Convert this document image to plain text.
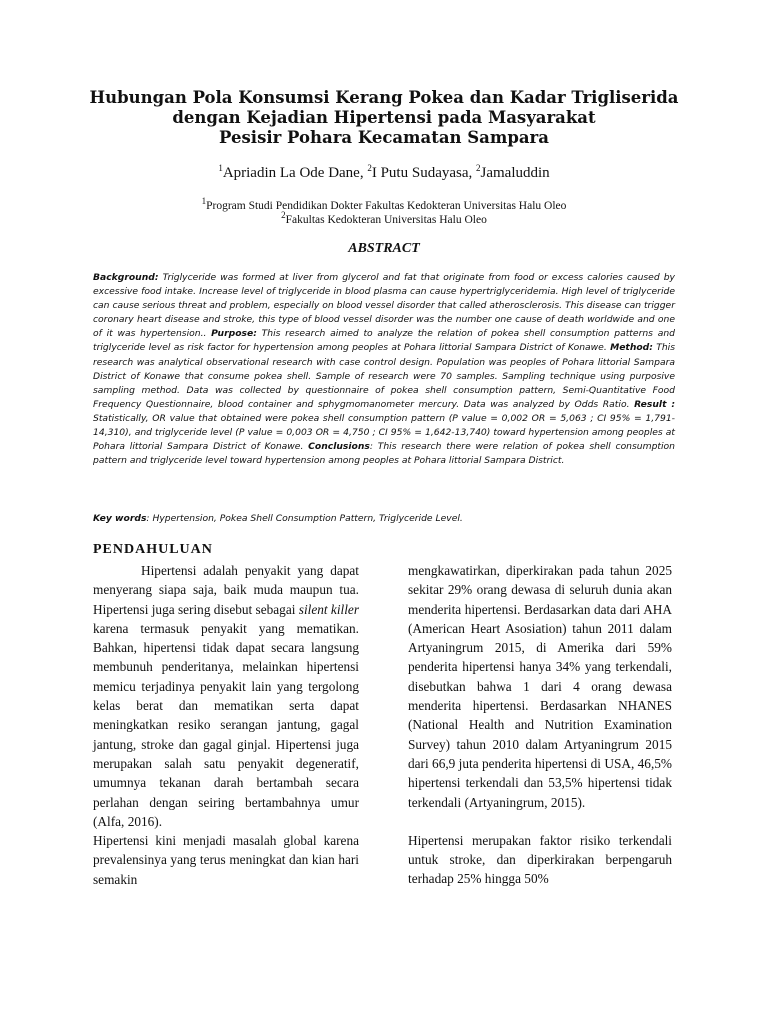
Hubungan Pola Konsumsi Kerang Pokea dan Kadar Trigliserida
dengan Kejadian Hipertensi pada Masyarakat
Pesisir Pohara Kecamatan Sampara

$^1$Apriadin La Ode Dane, $^2$I Putu Sudayasa, $^2$Jamaluddin

$^1$Program Studi Pendidikan Dokter Fakultas Kedokteran Universitas Halu Oleo

$^2$Fakultas Kedokteran Universitas Halu Oleo

ABSTRACT

Background: Triglyceride was formed at liver from glycerol and fat that originate from food or excess calories caused by excessive food intake. Increase level of triglyceride in blood plasma can cause hypertriglyceridemia. High level of triglyceride can cause serious threat and problem, especially on blood vessel disorder that called atherosclerosis. This disease can trigger coronary heart disease and stroke, this type of blood vessel disorder was the number one cause of death worldwide and one of it was hypertension.. Purpose: This research aimed to analyze the relation of pokea shell consumption patterns and triglyceride level as risk factor for hypertension among peoples at Pohara littorial Sampara District of Konawe. Method: This research was analytical observational research with case control design. Population was peoples of Pohara littorial Sampara District of Konawe that consume pokea shell. Sample of research were 70 samples. Sampling technique using purposive sampling method. Data was collected by questionnaire of pokea shell consumption pattern, Semi-Quantitative Food Frequency Questionnaire, blood container and sphygmomanometer mercury. Data was analyzed by Odds Ratio. Result : Statistically, OR value that obtained were pokea shell consumption pattern (P value = 0,002 OR = 5,063 ; CI 95% = 1,791-14,310), and triglyceride level (P value = 0,003 OR = 4,750 ; CI 95% = 1,642-13,740) toward hypertension among peoples at Pohara littorial Sampara District of Konawe. Conclusions: This research there were relation of pokea shell consumption pattern and triglyceride level toward hypertension among peoples at Pohara littorial Sampara District.

Key words: Hypertension, Pokea Shell Consumption Pattern, Triglyceride Level.

PENDAHULUAN

Hipertensi adalah penyakit yang dapat menyerang siapa saja, baik muda maupun tua. Hipertensi juga sering disebut sebagai silent killer karena termasuk penyakit yang mematikan. Bahkan, hipertensi tidak dapat secara langsung membunuh penderitanya, melainkan hipertensi memicu terjadinya penyakit lain yang tergolong kelas berat dan mematikan serta dapat meningkatkan resiko serangan jantung, gagal jantung, stroke dan gagal ginjal. Hipertensi juga merupakan salah satu penyakit degeneratif, umumnya tekanan darah bertambah secara perlahan dengan seiring bertambahnya umur (Alfa, 2016).

Hipertensi kini menjadi masalah global karena prevalensinya yang terus meningkat dan kian hari semakin

mengkawatirkan, diperkirakan pada tahun 2025 sekitar 29% orang dewasa di seluruh dunia akan menderita hipertensi. Berdasarkan data dari AHA (American Heart Asosiation) tahun 2011 dalam Artyaningrum 2015, di Amerika dari 59% penderita hipertensi hanya 34% yang terkendali, disebutkan bahwa 1 dari 4 orang dewasa menderita hipertensi. Berdasarkan NHANES (National Health and Nutrition Examination Survey) tahun 2010 dalam Artyaningrum 2015 dari 66,9 juta penderita hipertensi di USA, 46,5% hipertensi terkendali dan 53,5% hipertensi tidak terkendali (Artyaningrum, 2015).

Hipertensi merupakan faktor risiko terkendali untuk stroke, dan diperkirakan berpengaruh terhadap 25% hingga 50%
